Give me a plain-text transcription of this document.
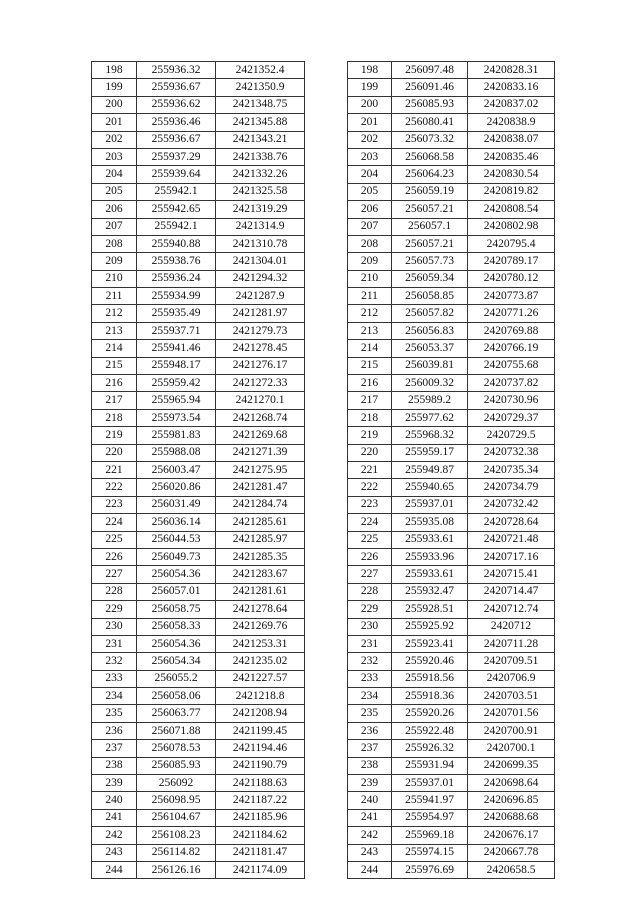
198	255936.32	2421352.4
199	255936.67	2421350.9
200	255936.62	2421348.75
201	255936.46	2421345.88
202	255936.67	2421343.21
203	255937.29	2421338.76
204	255939.64	2421332.26
205	255942.1	2421325.58
206	255942.65	2421319.29
207	255942.1	2421314.9
208	255940.88	2421310.78
209	255938.76	2421304.01
210	255936.24	2421294.32
211	255934.99	2421287.9
212	255935.49	2421281.97
213	255937.71	2421279.73
214	255941.46	2421278.45
215	255948.17	2421276.17
216	255959.42	2421272.33
217	255965.94	2421270.1
218	255973.54	2421268.74
219	255981.83	2421269.68
220	255988.08	2421271.39
221	256003.47	2421275.95
222	256020.86	2421281.47
223	256031.49	2421284.74
224	256036.14	2421285.61
225	256044.53	2421285.97
226	256049.73	2421285.35
227	256054.36	2421283.67
228	256057.01	2421281.61
229	256058.75	2421278.64
230	256058.33	2421269.76
231	256054.36	2421253.31
232	256054.34	2421235.02
233	256055.2	2421227.57
234	256058.06	2421218.8
235	256063.77	2421208.94
236	256071.88	2421199.45
237	256078.53	2421194.46
238	256085.93	2421190.79
239	256092	2421188.63
240	256098.95	2421187.22
241	256104.67	2421185.96
242	256108.23	2421184.62
243	256114.82	2421181.47
244	256126.16	2421174.09
198	256097.48	2420828.31
199	256091.46	2420833.16
200	256085.93	2420837.02
201	256080.41	2420838.9
202	256073.32	2420838.07
203	256068.58	2420835.46
204	256064.23	2420830.54
205	256059.19	2420819.82
206	256057.21	2420808.54
207	256057.1	2420802.98
208	256057.21	2420795.4
209	256057.73	2420789.17
210	256059.34	2420780.12
211	256058.85	2420773.87
212	256057.82	2420771.26
213	256056.83	2420769.88
214	256053.37	2420766.19
215	256039.81	2420755.68
216	256009.32	2420737.82
217	255989.2	2420730.96
218	255977.62	2420729.37
219	255968.32	2420729.5
220	255959.17	2420732.38
221	255949.87	2420735.34
222	255940.65	2420734.79
223	255937.01	2420732.42
224	255935.08	2420728.64
225	255933.61	2420721.48
226	255933.96	2420717.16
227	255933.61	2420715.41
228	255932.47	2420714.47
229	255928.51	2420712.74
230	255925.92	2420712
231	255923.41	2420711.28
232	255920.46	2420709.51
233	255918.56	2420706.9
234	255918.36	2420703.51
235	255920.26	2420701.56
236	255922.48	2420700.91
237	255926.32	2420700.1
238	255931.94	2420699.35
239	255937.01	2420698.64
240	255941.97	2420696.85
241	255954.97	2420688.68
242	255969.18	2420676.17
243	255974.15	2420667.78
244	255976.69	2420658.5
